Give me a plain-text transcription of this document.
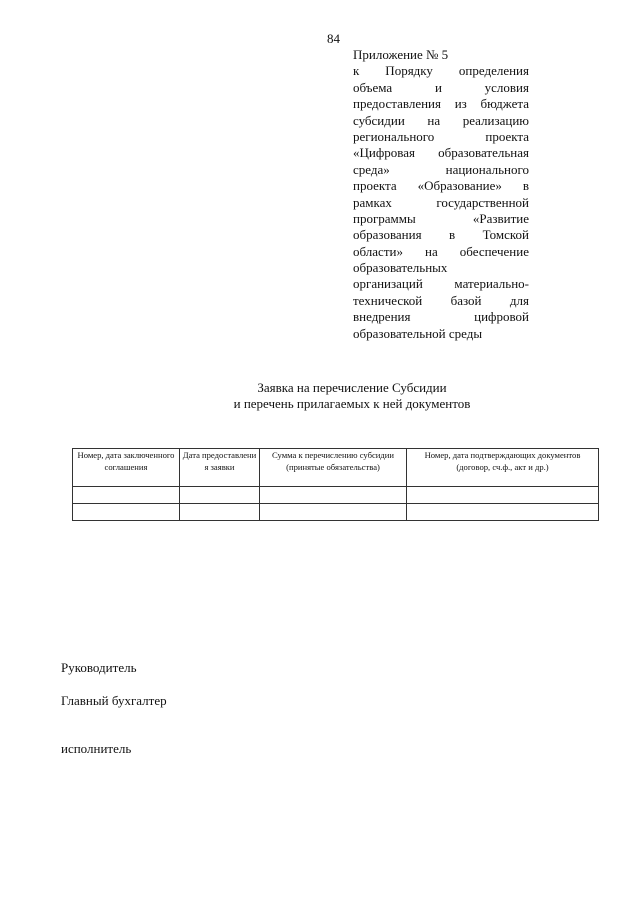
84
Приложение № 5
к Порядку определения
объема и условия
предоставления из бюджета
субсидии на реализацию
регионального проекта
«Цифровая образовательная
среда» национального
проекта «Образование» в
рамках государственной
программы «Развитие
образования в Томской
области» на обеспечение
образовательных
организаций материально-
технической базой для
внедрения цифровой
образовательной среды
Заявка на перечисление Субсидии
и перечень прилагаемых к ней документов
Номер, дата заключенного соглашения	Дата предоставлени я заявки	Сумма к перечислению субсидии (принятые обязательства)	Номер, дата подтверждающих документов (договор, сч.ф., акт и др.)

Руководитель
Главный бухгалтер
исполнитель
